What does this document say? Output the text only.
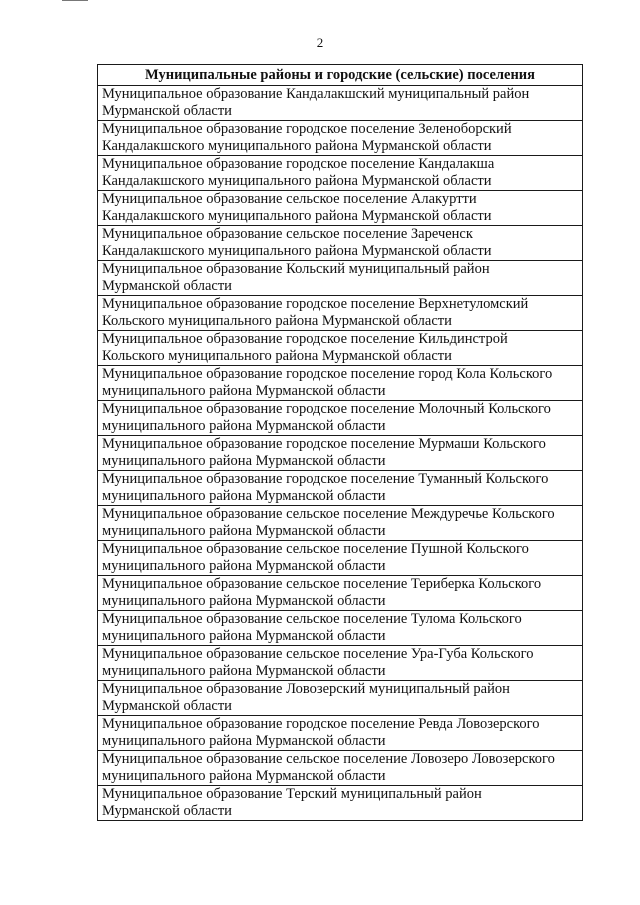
2
Муниципальные районы и городские (сельские) поселения

Муниципальное образование Кандалакшский муниципальный район
Мурманской области

Муниципальное образование городское поселение Зеленоборский
Кандалакшского муниципального района Мурманской области

Муниципальное образование городское поселение Кандалакша
Кандалакшского муниципального района Мурманской области

Муниципальное образование сельское поселение Алакуртти
Кандалакшского муниципального района Мурманской области

Муниципальное образование сельское поселение Зареченск
Кандалакшского муниципального района Мурманской области

Муниципальное образование Кольский муниципальный район
Мурманской области

Муниципальное образование городское поселение Верхнетуломский
Кольского муниципального района Мурманской области

Муниципальное образование городское поселение Кильдинстрой
Кольского муниципального района Мурманской области

Муниципальное образование городское поселение город Кола Кольского
муниципального района Мурманской области

Муниципальное образование городское поселение Молочный Кольского
муниципального района Мурманской области

Муниципальное образование городское поселение Мурмаши Кольского
муниципального района Мурманской области

Муниципальное образование городское поселение Туманный Кольского
муниципального района Мурманской области

Муниципальное образование сельское поселение Междуречье Кольского
муниципального района Мурманской области

Муниципальное образование сельское поселение Пушной Кольского
муниципального района Мурманской области

Муниципальное образование сельское поселение Териберка Кольского
муниципального района Мурманской области

Муниципальное образование сельское поселение Тулома Кольского
муниципального района Мурманской области

Муниципальное образование сельское поселение Ура-Губа Кольского
муниципального района Мурманской области

Муниципальное образование Ловозерский муниципальный район
Мурманской области

Муниципальное образование городское поселение Ревда Ловозерского
муниципального района Мурманской области

Муниципальное образование сельское поселение Ловозеро Ловозерского
муниципального района Мурманской области

Муниципальное образование Терский муниципальный район
Мурманской области
